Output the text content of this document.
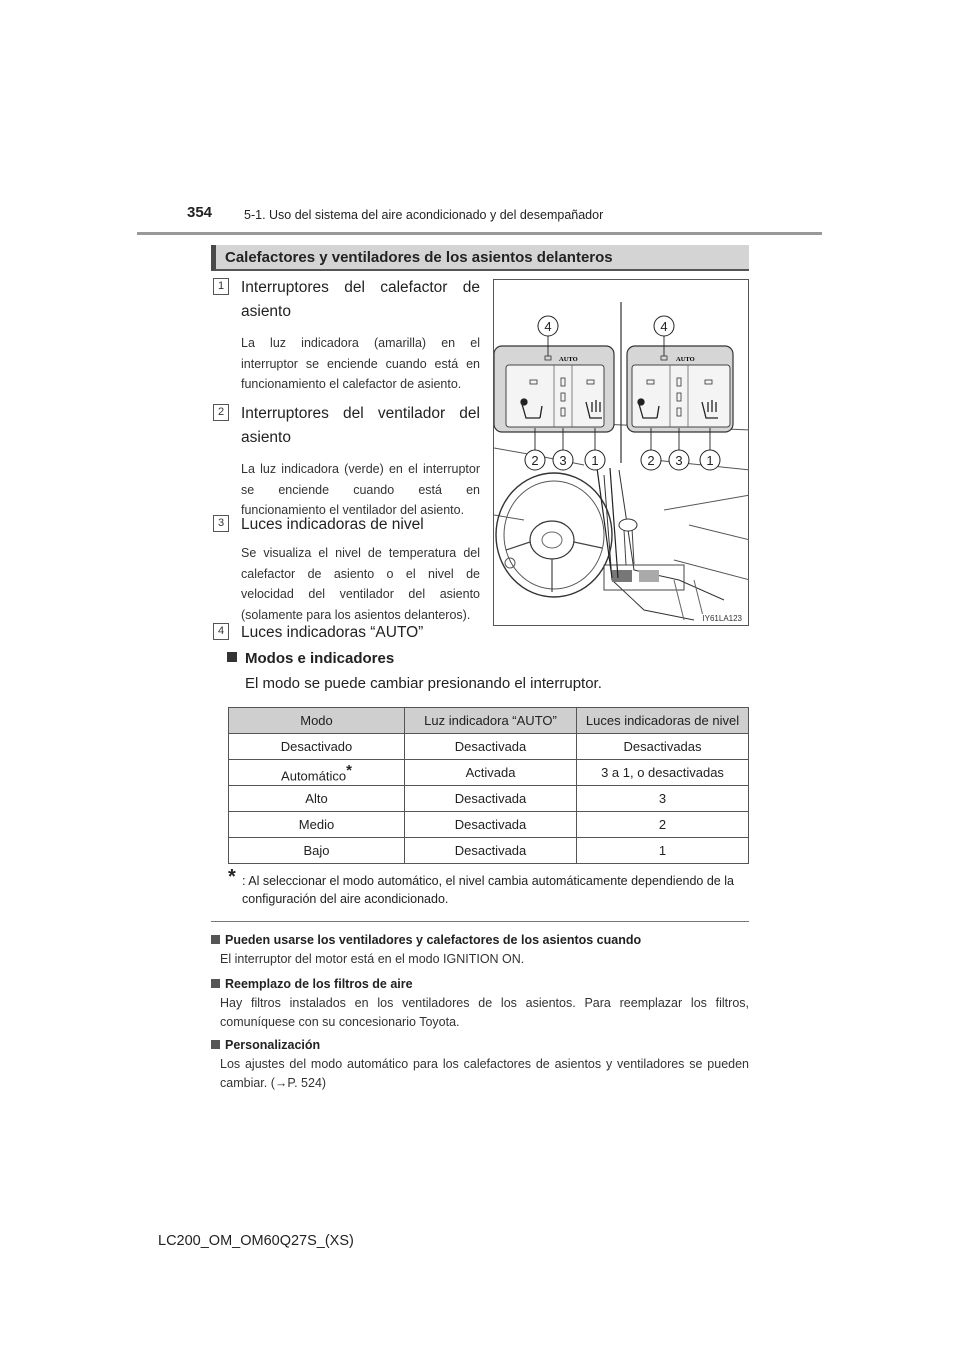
354	5-1. Uso del sistema del aire acondicionado y del desempañador
Calefactores y ventiladores de los asientos delanteros
1	Interruptores del calefactor de asiento
La luz indicadora (amarilla) en el interruptor se enciende cuando está en funcionamiento el calefactor de asiento.
2	Interruptores del ventilador del asiento
La luz indicadora (verde) en el interruptor se enciende cuando está en funcionamiento el ventilador del asiento.
3	Luces indicadoras de nivel
Se visualiza el nivel de temperatura del calefactor de asiento o el nivel de velocidad del ventilador del asiento (solamente para los asientos delanteros).
4	Luces indicadoras “AUTO”
AUTO	AUTO
4	4
2 3 1	2 3 1
IY61LA123
Modos e indicadores
El modo se puede cambiar presionando el interruptor.
Modo	Luz indicadora “AUTO”	Luces indicadoras de nivel
Desactivado	Desactivada	Desactivadas
Automático*	Activada	3 a 1, o desactivadas
Alto	Desactivada	3
Medio	Desactivada	2
Bajo	Desactivada	1
* : Al seleccionar el modo automático, el nivel cambia automáticamente dependiendo de la configuración del aire acondicionado.
Pueden usarse los ventiladores y calefactores de los asientos cuando
El interruptor del motor está en el modo IGNITION ON.
Reemplazo de los filtros de aire
Hay filtros instalados en los ventiladores de los asientos. Para reemplazar los filtros, comuníquese con su concesionario Toyota.
Personalización
Los ajustes del modo automático para los calefactores de asientos y ventiladores se pueden cambiar. (→P. 524)
LC200_OM_OM60Q27S_(XS)
